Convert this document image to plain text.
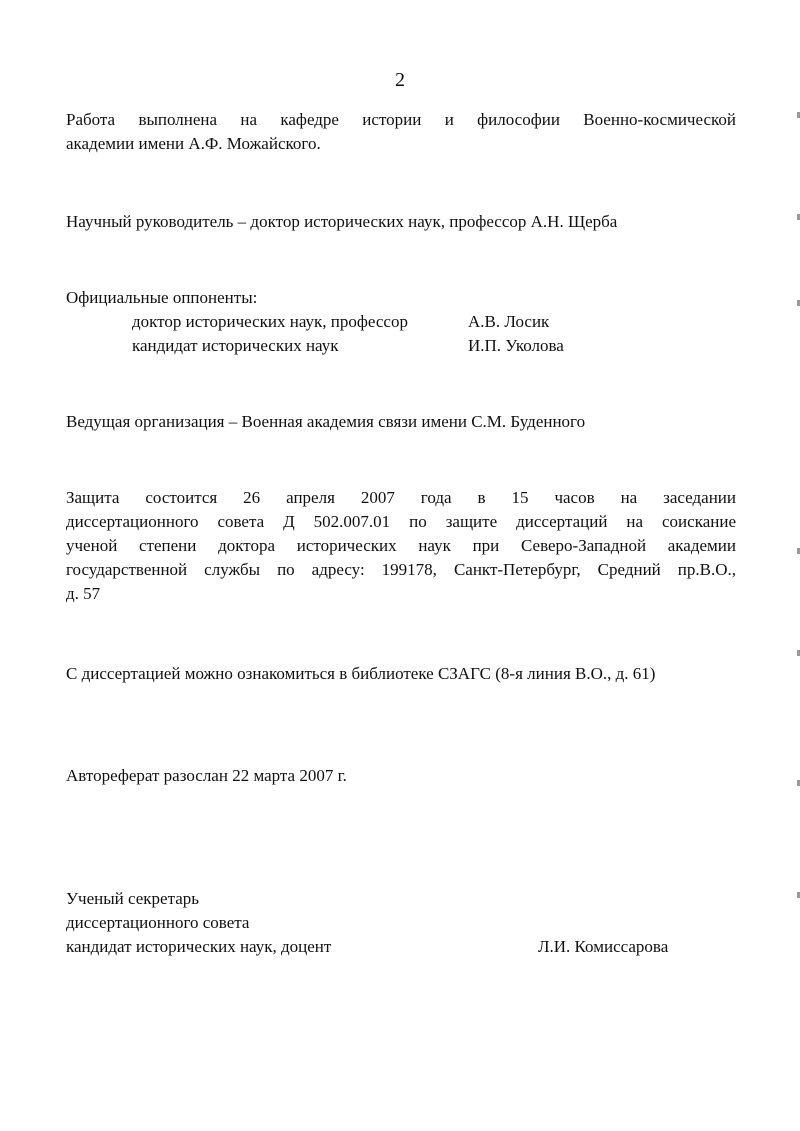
2
Работа выполнена на кафедре истории и философии Военно-космической
академии имени А.Ф. Можайского.
Научный руководитель – доктор исторических наук, профессор А.Н. Щерба
Официальные оппоненты:
доктор исторических наук, профессор	А.В. Лосик
кандидат исторических наук	И.П. Уколова
Ведущая организация – Военная академия связи имени С.М. Буденного
Защита состоится 26 апреля 2007 года в 15 часов на заседании
диссертационного совета Д 502.007.01 по защите диссертаций на соискание
ученой степени доктора исторических наук при Северо-Западной академии
государственной службы по адресу: 199178, Санкт-Петербург, Средний пр.В.О.,
д. 57
С диссертацией можно ознакомиться в библиотеке СЗАГС (8-я линия В.О., д. 61)
Автореферат разослан 22 марта 2007 г.
Ученый секретарь
диссертационного совета
кандидат исторических наук, доцент	Л.И. Комиссарова
